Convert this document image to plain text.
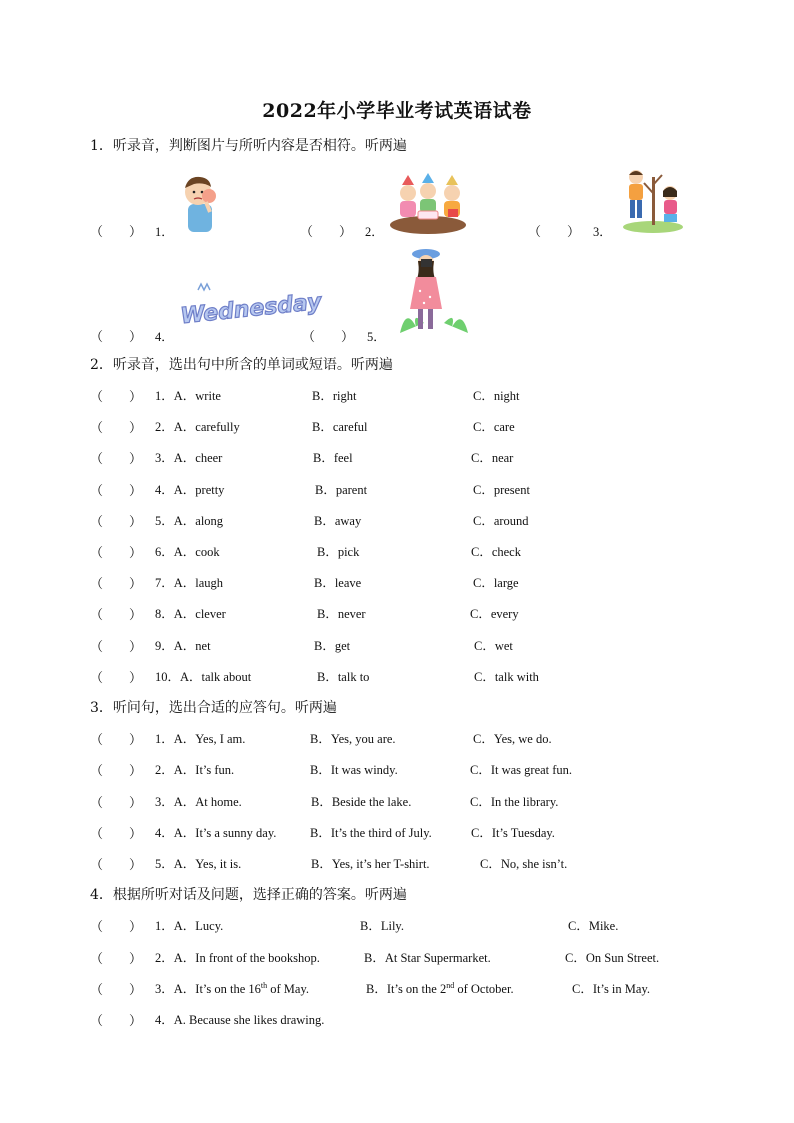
2022年小学毕业考试英语试卷
1．听录音，判断图片与所听内容是否相符。听两遍
（　　） 1．	（　　） 2．	（　　） 3．
（　　） 4．	（　　） 5．
Wednesday
2．听录音，选出句中所含的单词或短语。听两遍
（　　） 1．A．write	B．right	C．night
（　　） 2．A．carefully	B．careful	C．care
（　　） 3．A．cheer	B．feel	C．near
（　　） 4．A．pretty	B．parent	C．present
（　　） 5．A．along	B．away	C．around
（　　） 6．A．cook	B．pick	C．check
（　　） 7．A．laugh	B．leave	C．large
（　　） 8．A．clever	B．never	C．every
（　　） 9．A．net	B．get	C．wet
（　　） 10．A．talk about	B．talk to	C．talk with
3．听问句，选出合适的应答句。听两遍
（　　） 1．A．Yes, I am.	B．Yes, you are.	C．Yes, we do.
（　　） 2．A．It’s fun.	B．It was windy.	C．It was great fun.
（　　） 3．A．At home.	B．Beside the lake.	C．In the library.
（　　） 4．A．It’s a sunny day.	B．It’s the third of July.	C．It’s Tuesday.
（　　） 5．A．Yes, it is.	B．Yes, it’s her T-shirt.	C．No, she isn’t.
4．根据所听对话及问题，选择正确的答案。听两遍
（　　） 1．A．Lucy.	B．Lily.	C．Mike.
（　　） 2．A．In front of the bookshop.	B．At Star Supermarket.	C．On Sun Street.
（　　） 3．A．It’s on the 16th of May.	B．It’s on the 2nd of October.	C．It’s in May.
（　　） 4．A. Because she likes drawing.
